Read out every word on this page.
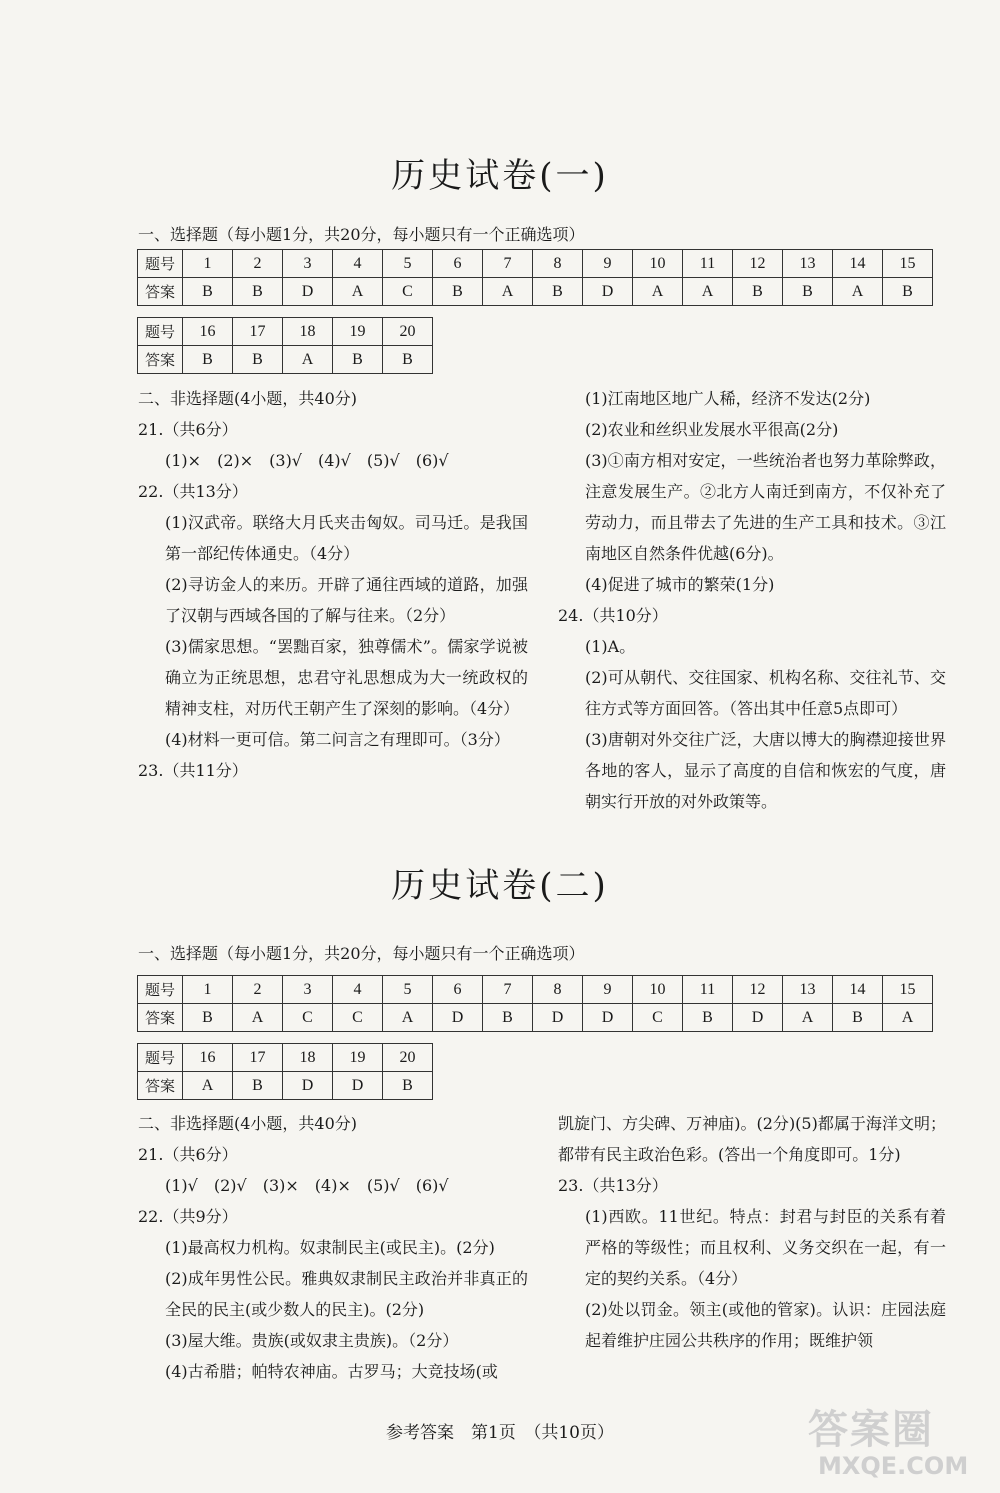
历史试卷(一)
一、选择题（每小题1分，共20分，每小题只有一个正确选项）
题号	1	2	3	4	5	6	7	8	9	10	11	12	13	14	15
答案	B	B	D	A	C	B	A	B	D	A	A	B	B	A	B
题号	16	17	18	19	20
答案	B	B	A	B	B

二、非选择题(4小题，共40分)

21.（共6分）

(1)×　(2)×　(3)√　(4)√　(5)√　(6)√

22.（共13分）

(1)汉武帝。联络大月氏夹击匈奴。司马迁。是我国第一部纪传体通史。（4分）

(2)寻访金人的来历。开辟了通往西域的道路，加强了汉朝与西域各国的了解与往来。（2分）

(3)儒家思想。“罢黜百家，独尊儒术”。儒家学说被确立为正统思想，忠君守礼思想成为大一统政权的精神支柱，对历代王朝产生了深刻的影响。（4分）

(4)材料一更可信。第二问言之有理即可。（3分）

23.（共11分）

(1)江南地区地广人稀，经济不发达(2分)

(2)农业和丝织业发展水平很高(2分)

(3)①南方相对安定，一些统治者也努力革除弊政，注意发展生产。②北方人南迁到南方，不仅补充了劳动力，而且带去了先进的生产工具和技术。③江南地区自然条件优越(6分)。

(4)促进了城市的繁荣(1分)

24.（共10分）

(1)A。

(2)可从朝代、交往国家、机构名称、交往礼节、交往方式等方面回答。（答出其中任意5点即可）

(3)唐朝对外交往广泛，大唐以博大的胸襟迎接世界各地的客人，显示了高度的自信和恢宏的气度，唐朝实行开放的对外政策等。

历史试卷(二)
一、选择题（每小题1分，共20分，每小题只有一个正确选项）
题号	1	2	3	4	5	6	7	8	9	10	11	12	13	14	15
答案	B	A	C	C	A	D	B	D	D	C	B	D	A	B	A
题号	16	17	18	19	20
答案	A	B	D	D	B

二、非选择题(4小题，共40分)

21.（共6分）

(1)√　(2)√　(3)×　(4)×　(5)√　(6)√

22.（共9分）

(1)最高权力机构。奴隶制民主(或民主)。(2分)

(2)成年男性公民。雅典奴隶制民主政治并非真正的全民的民主(或少数人的民主)。(2分)

(3)屋大维。贵族(或奴隶主贵族)。（2分）

(4)古希腊；帕特农神庙。古罗马；大竞技场(或

凯旋门、方尖碑、万神庙)。(2分)(5)都属于海洋文明；都带有民主政治色彩。(答出一个角度即可。1分)

23.（共13分）

(1)西欧。11世纪。特点：封君与封臣的关系有着严格的等级性；而且权利、义务交织在一起，有一定的契约关系。（4分）

(2)处以罚金。领主(或他的管家)。认识：庄园法庭起着维护庄园公共秩序的作用；既维护领

参考答案　第1页　（共10页）	答案圈
MXQE.COM
